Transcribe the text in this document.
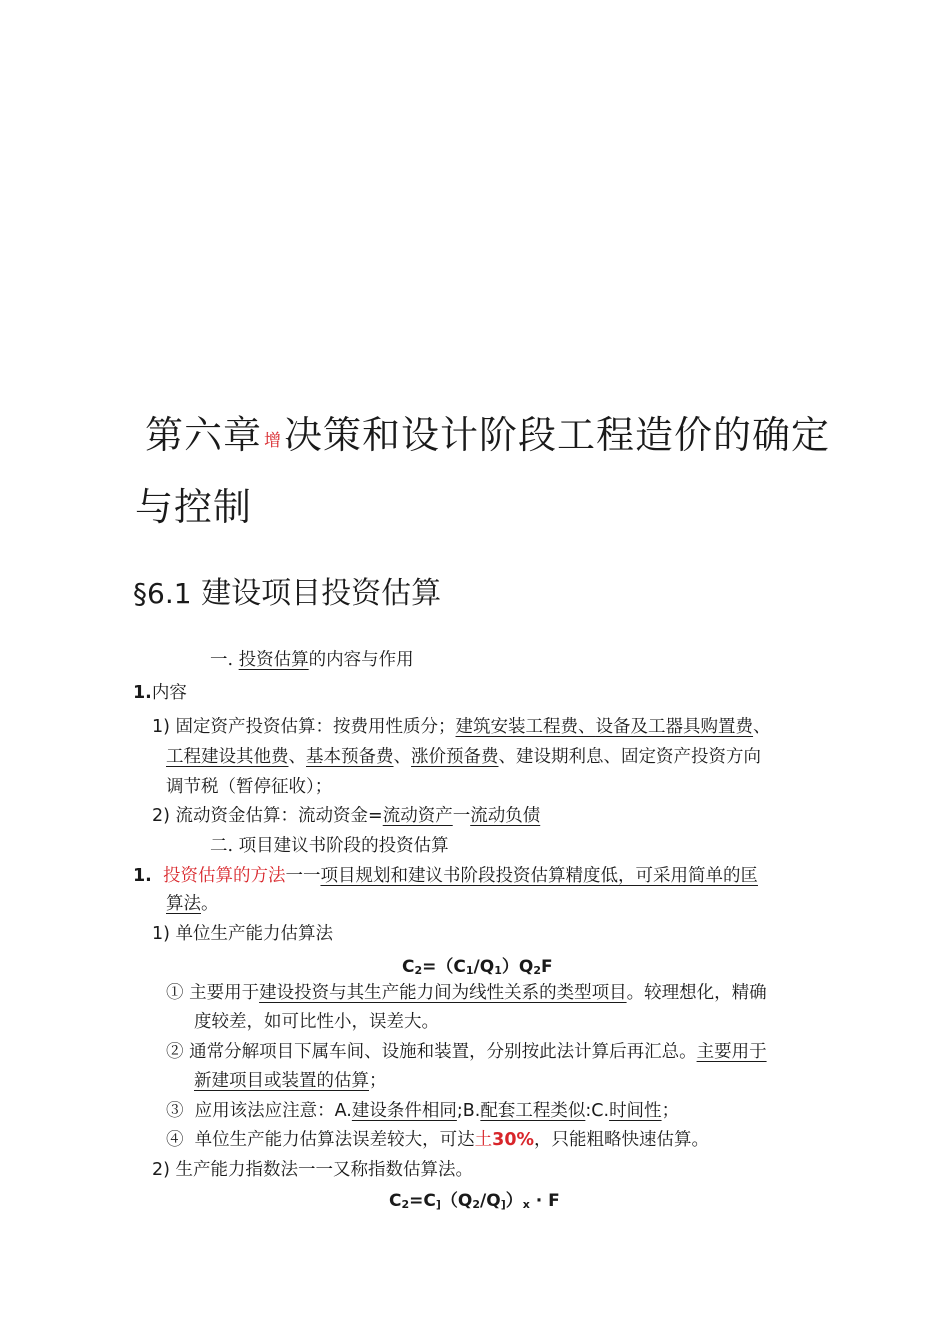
第六章 增决策和设计阶段工程造价的确定
与控制
§6.1 建设项目投资估算
一. 投资估算的内容与作用
1.内容
1) 固定资产投资估算：按费用性质分；建筑安装工程费、设备及工器具购置费、
工程建设其他费、基本预备费、涨价预备费、建设期利息、固定资产投资方向
调节税（暂停征收）；
2) 流动资金估算：流动资金=流动资产一流动负债
二. 项目建议书阶段的投资估算
1. 投资估算的方法一一项目规划和建议书阶段投资估算精度低，可采用简单的匡
算法。
1) 单位生产能力估算法
C2=（C1/Q1）Q2F
① 主要用于建设投资与其生产能力间为线性关系的类型项目。较理想化，精确
度较差，如可比性小，误差大。
② 通常分解项目下属车间、设施和装置，分别按此法计算后再汇总。主要用于
新建项目或装置的估算；
③ 应用该法应注意：A.建设条件相同;B.配套工程类似:C.时间性；
④ 单位生产能力估算法误差较大，可达土30%，只能粗略快速估算。
2) 生产能力指数法一一又称指数估算法。
C2=C]（Q2/Q]）x · F
